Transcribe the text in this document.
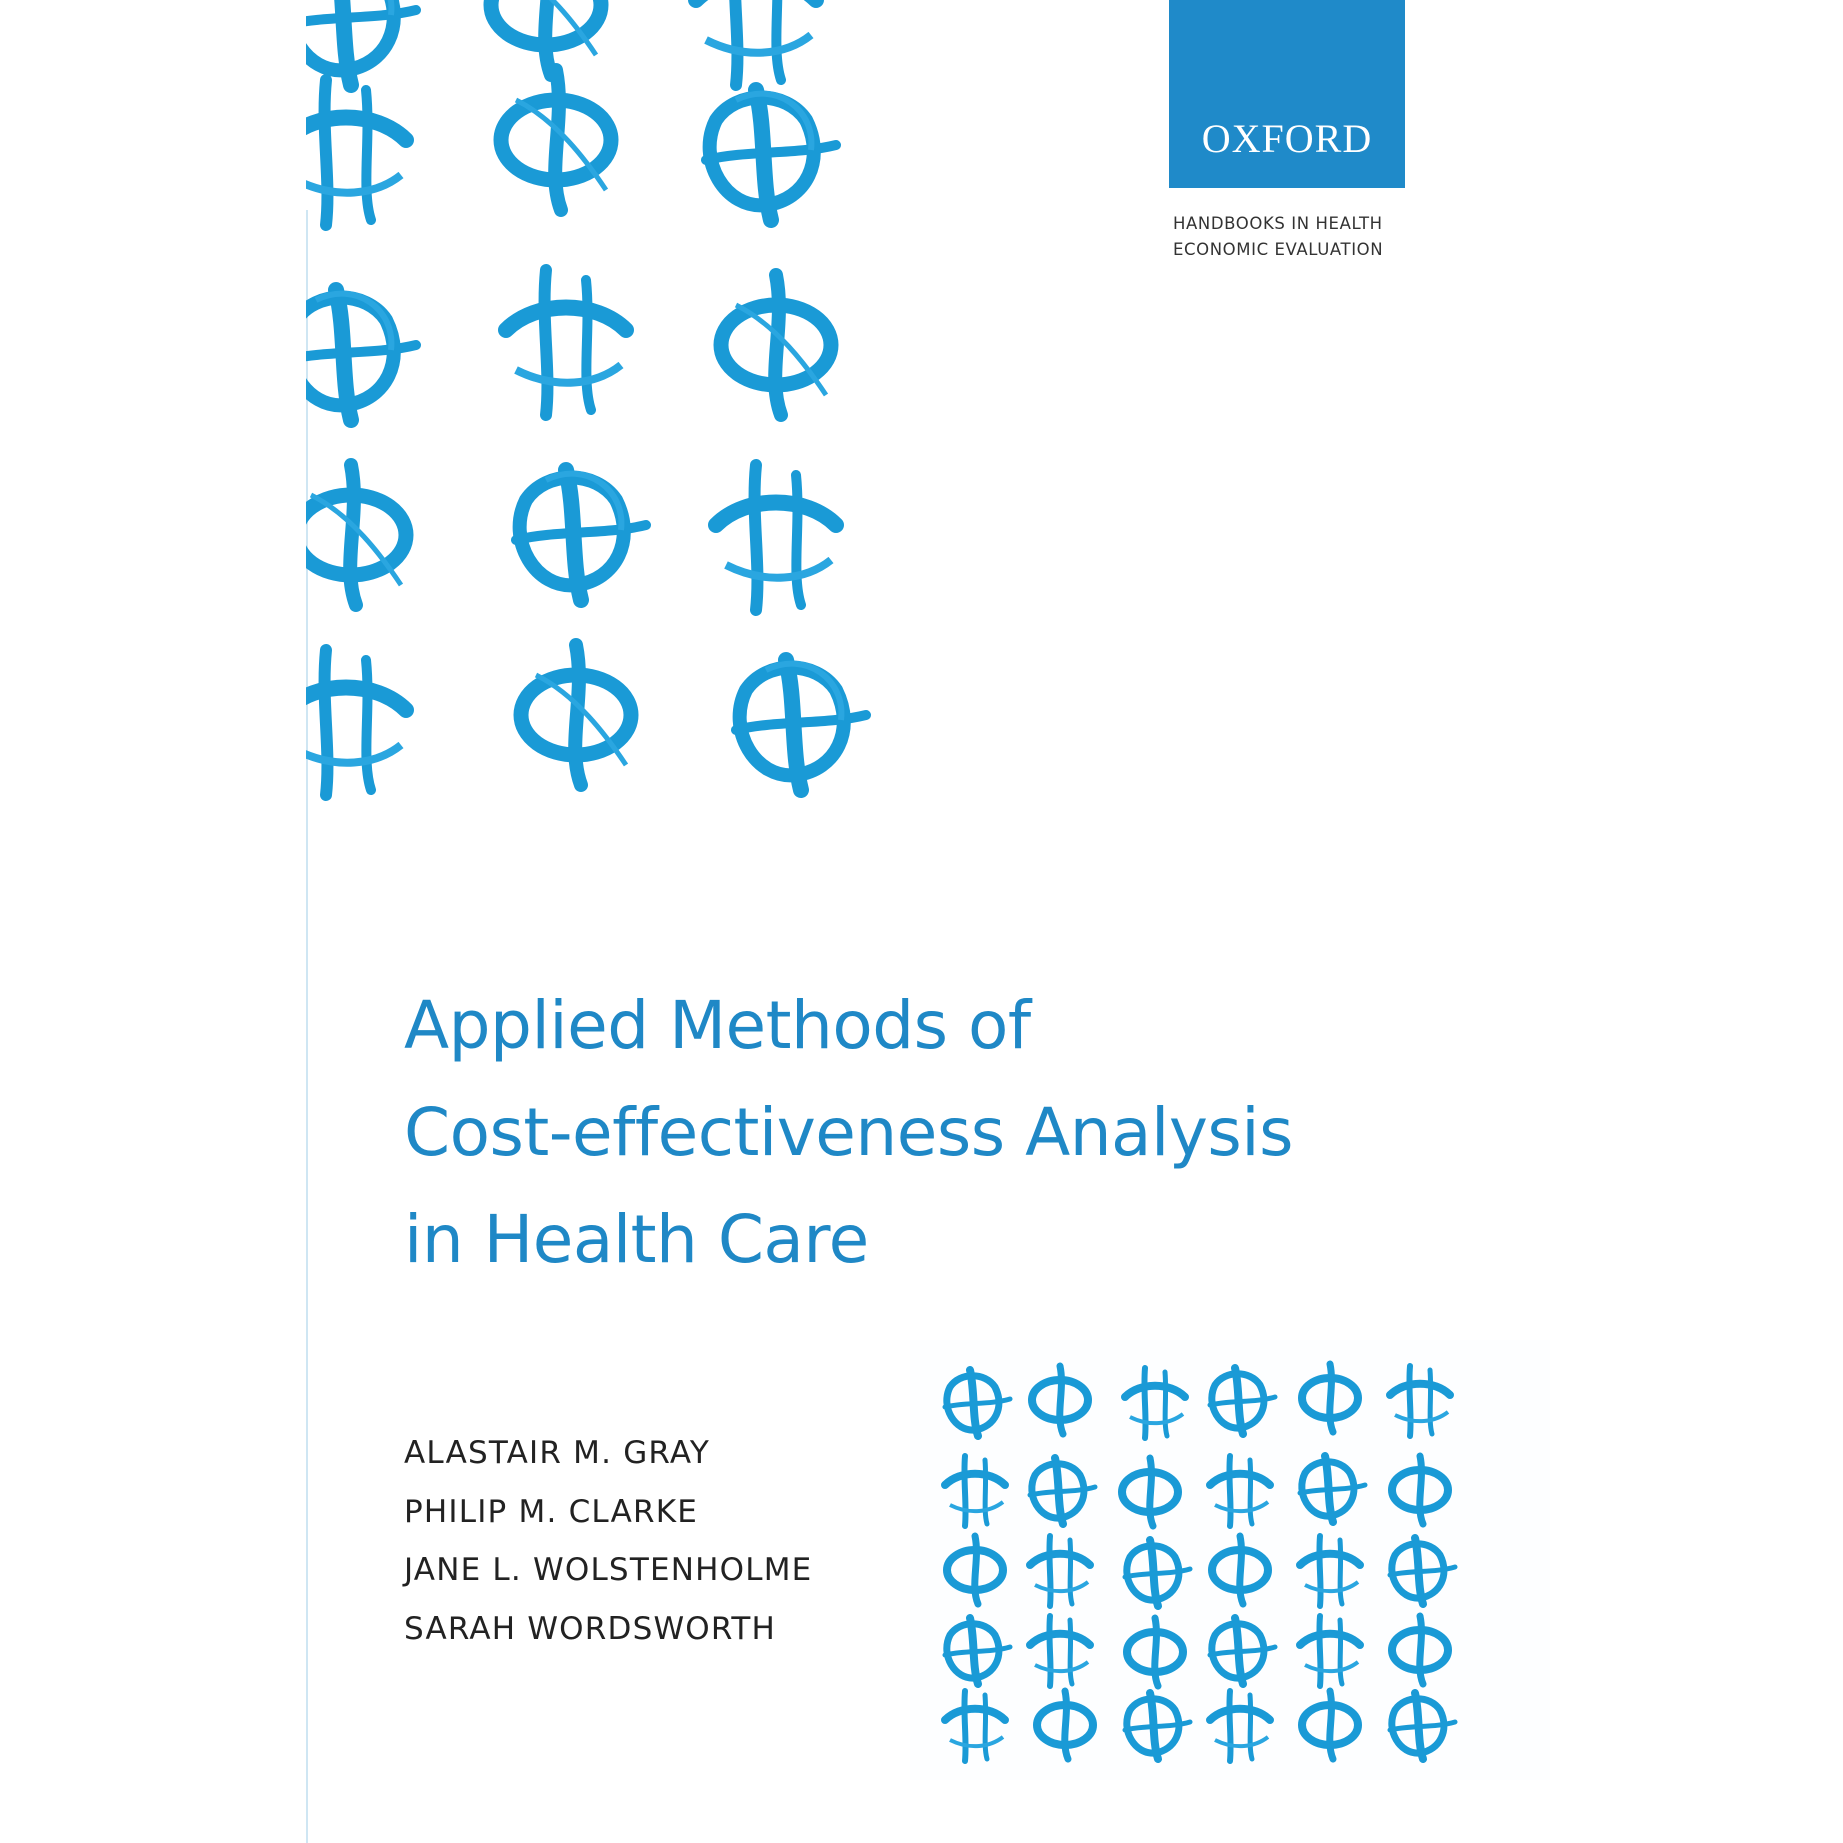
OXFORD
HANDBOOKS IN HEALTH
ECONOMIC EVALUATION
Applied Methods of
Cost-effectiveness Analysis
in Health Care
ALASTAIR M. GRAY
PHILIP M. CLARKE
JANE L. WOLSTENHOLME
SARAH WORDSWORTH
